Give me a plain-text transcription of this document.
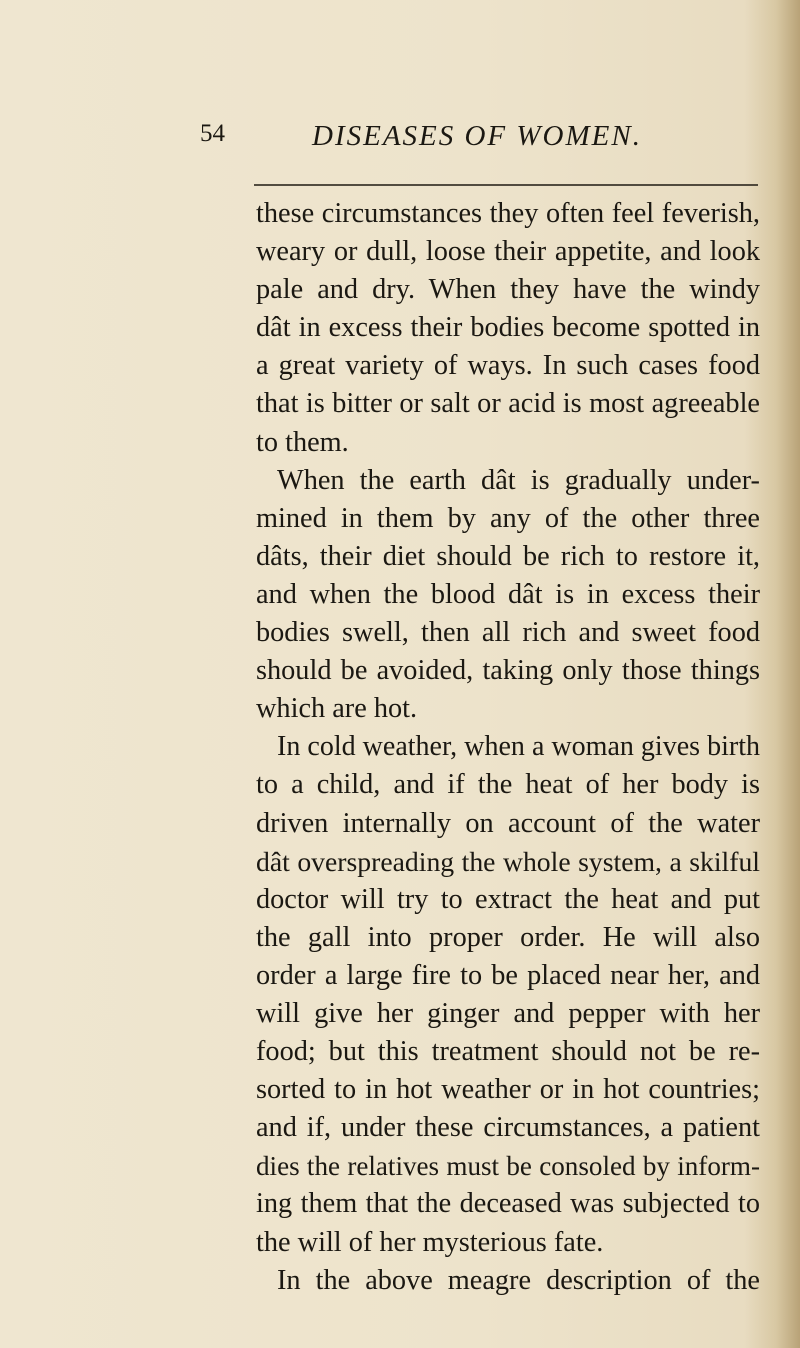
54	DISEASES OF WOMEN.
these circumstances they often feel feverish,
weary or dull, loose their appetite, and look
pale and dry. When they have the windy
dât in excess their bodies become spotted in
a great variety of ways. In such cases food
that is bitter or salt or acid is most agreeable
to them.
When the earth dât is gradually under-
mined in them by any of the other three
dâts, their diet should be rich to restore it,
and when the blood dât is in excess their
bodies swell, then all rich and sweet food
should be avoided, taking only those things
which are hot.
In cold weather, when a woman gives birth
to a child, and if the heat of her body is
driven internally on account of the water
dât overspreading the whole system, a skilful
doctor will try to extract the heat and put
the gall into proper order. He will also
order a large fire to be placed near her, and
will give her ginger and pepper with her
food; but this treatment should not be re-
sorted to in hot weather or in hot countries;
and if, under these circumstances, a patient
dies the relatives must be consoled by inform-
ing them that the deceased was subjected to
the will of her mysterious fate.
In the above meagre description of the
